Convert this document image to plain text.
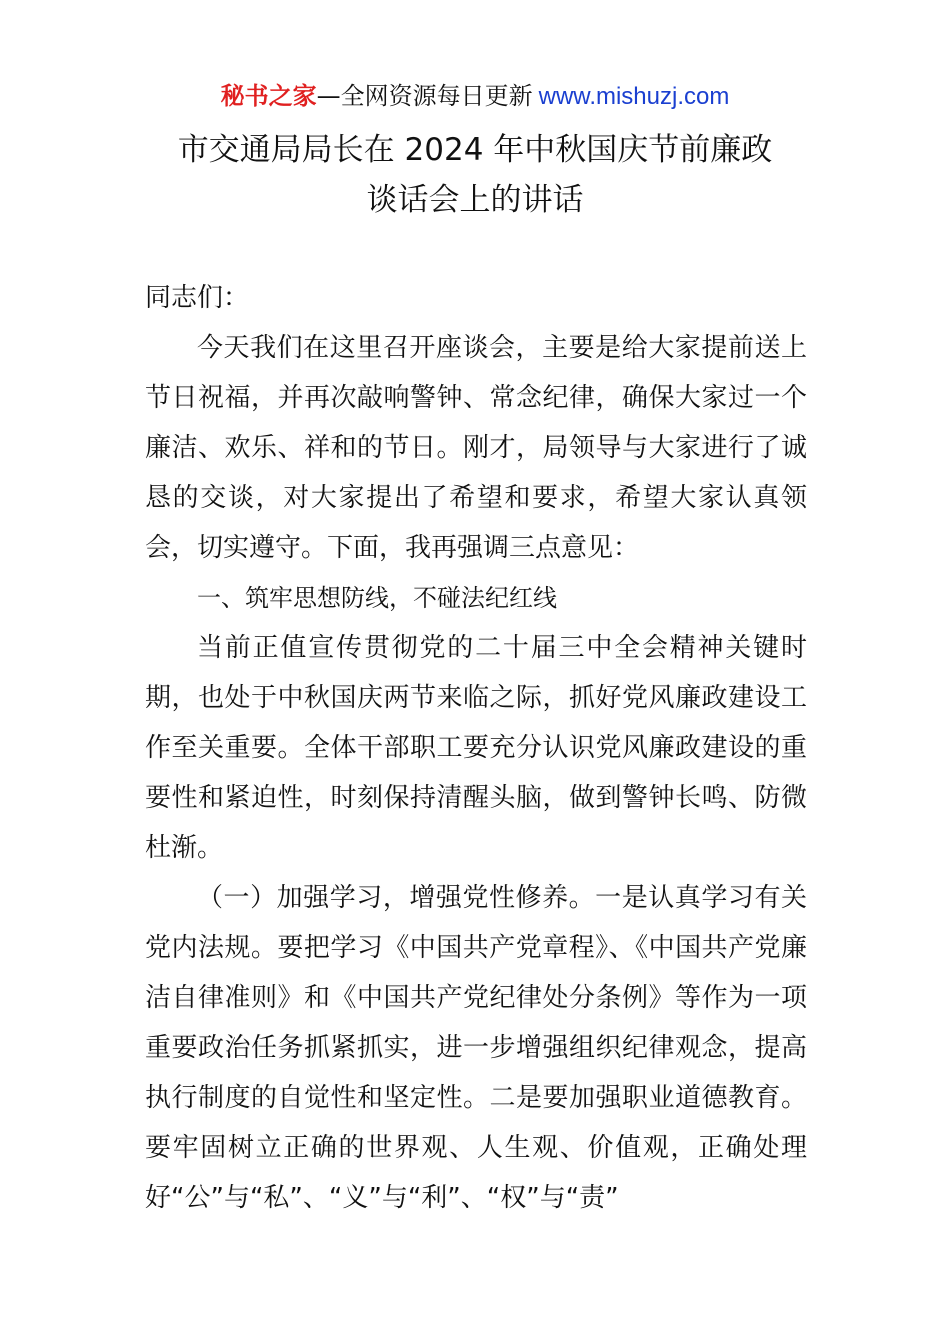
秘书之家—全网资源每日更新 www.mishuzj.com
市交通局局长在 2024 年中秋国庆节前廉政
谈话会上的讲话

同志们：

今天我们在这里召开座谈会，主要是给大家提前送上节日祝福，并再次敲响警钟、常念纪律，确保大家过一个廉洁、欢乐、祥和的节日。刚才，局领导与大家进行了诚恳的交谈，对大家提出了希望和要求，希望大家认真领会，切实遵守。下面，我再强调三点意见：

一、筑牢思想防线，不碰法纪红线

当前正值宣传贯彻党的二十届三中全会精神关键时期，也处于中秋国庆两节来临之际，抓好党风廉政建设工作至关重要。全体干部职工要充分认识党风廉政建设的重要性和紧迫性，时刻保持清醒头脑，做到警钟长鸣、防微杜渐。

（一）加强学习，增强党性修养。一是认真学习有关党内法规。要把学习《中国共产党章程》、《中国共产党廉洁自律准则》和《中国共产党纪律处分条例》等作为一项重要政治任务抓紧抓实，进一步增强组织纪律观念，提高执行制度的自觉性和坚定性。二是要加强职业道德教育。要牢固树立正确的世界观、人生观、价值观，正确处理好“公”与“私”、“义”与“利”、“权”与“责”
